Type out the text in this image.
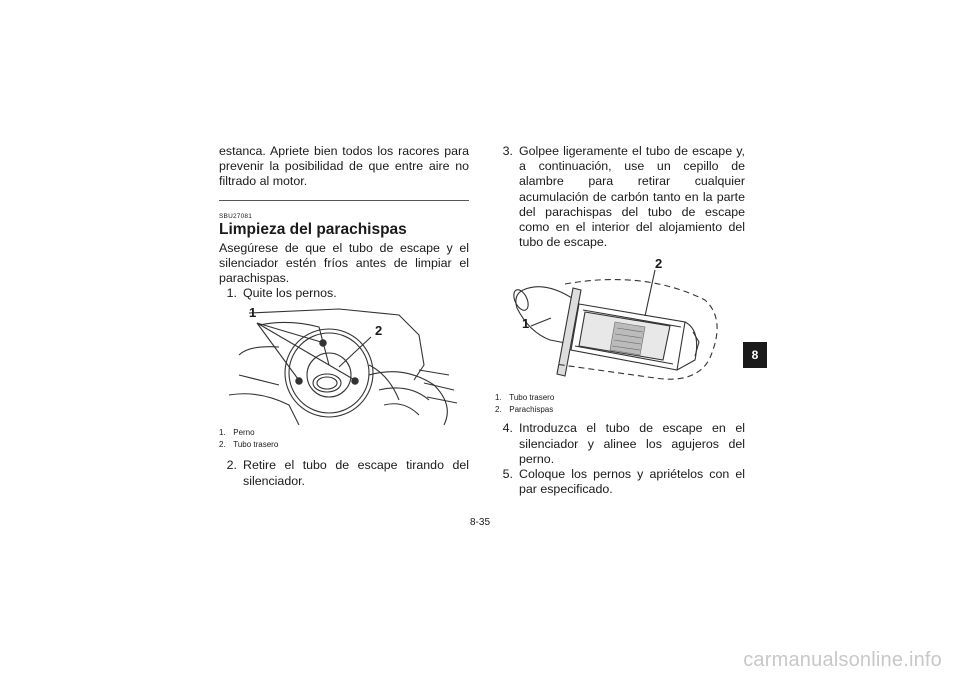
estanca. Apriete bien todos los racores para prevenir la posibilidad de que entre aire no filtrado al motor.

SBU27081
Limpieza del parachispas

Asegúrese de que el tubo de escape y el silenciador estén fríos antes de limpiar el parachispas.

1. Quite los pernos.
1
2

1. Perno

2. Tubo trasero

2. Retire el tubo de escape tirando del silenciador.
3. Golpee ligeramente el tubo de escape y, a continuación, use un cepillo de alambre para retirar cualquier acumulación de carbón tanto en la parte del parachispas del tubo de escape como en el interior del alojamiento del tubo de escape.
1
2

1. Tubo trasero

2. Parachispas

4. Introduzca el tubo de escape en el silenciador y alinee los agujeros del perno.
5. Coloque los pernos y apriételos con el par especificado.
8
8-35
carmanualsonline.info
